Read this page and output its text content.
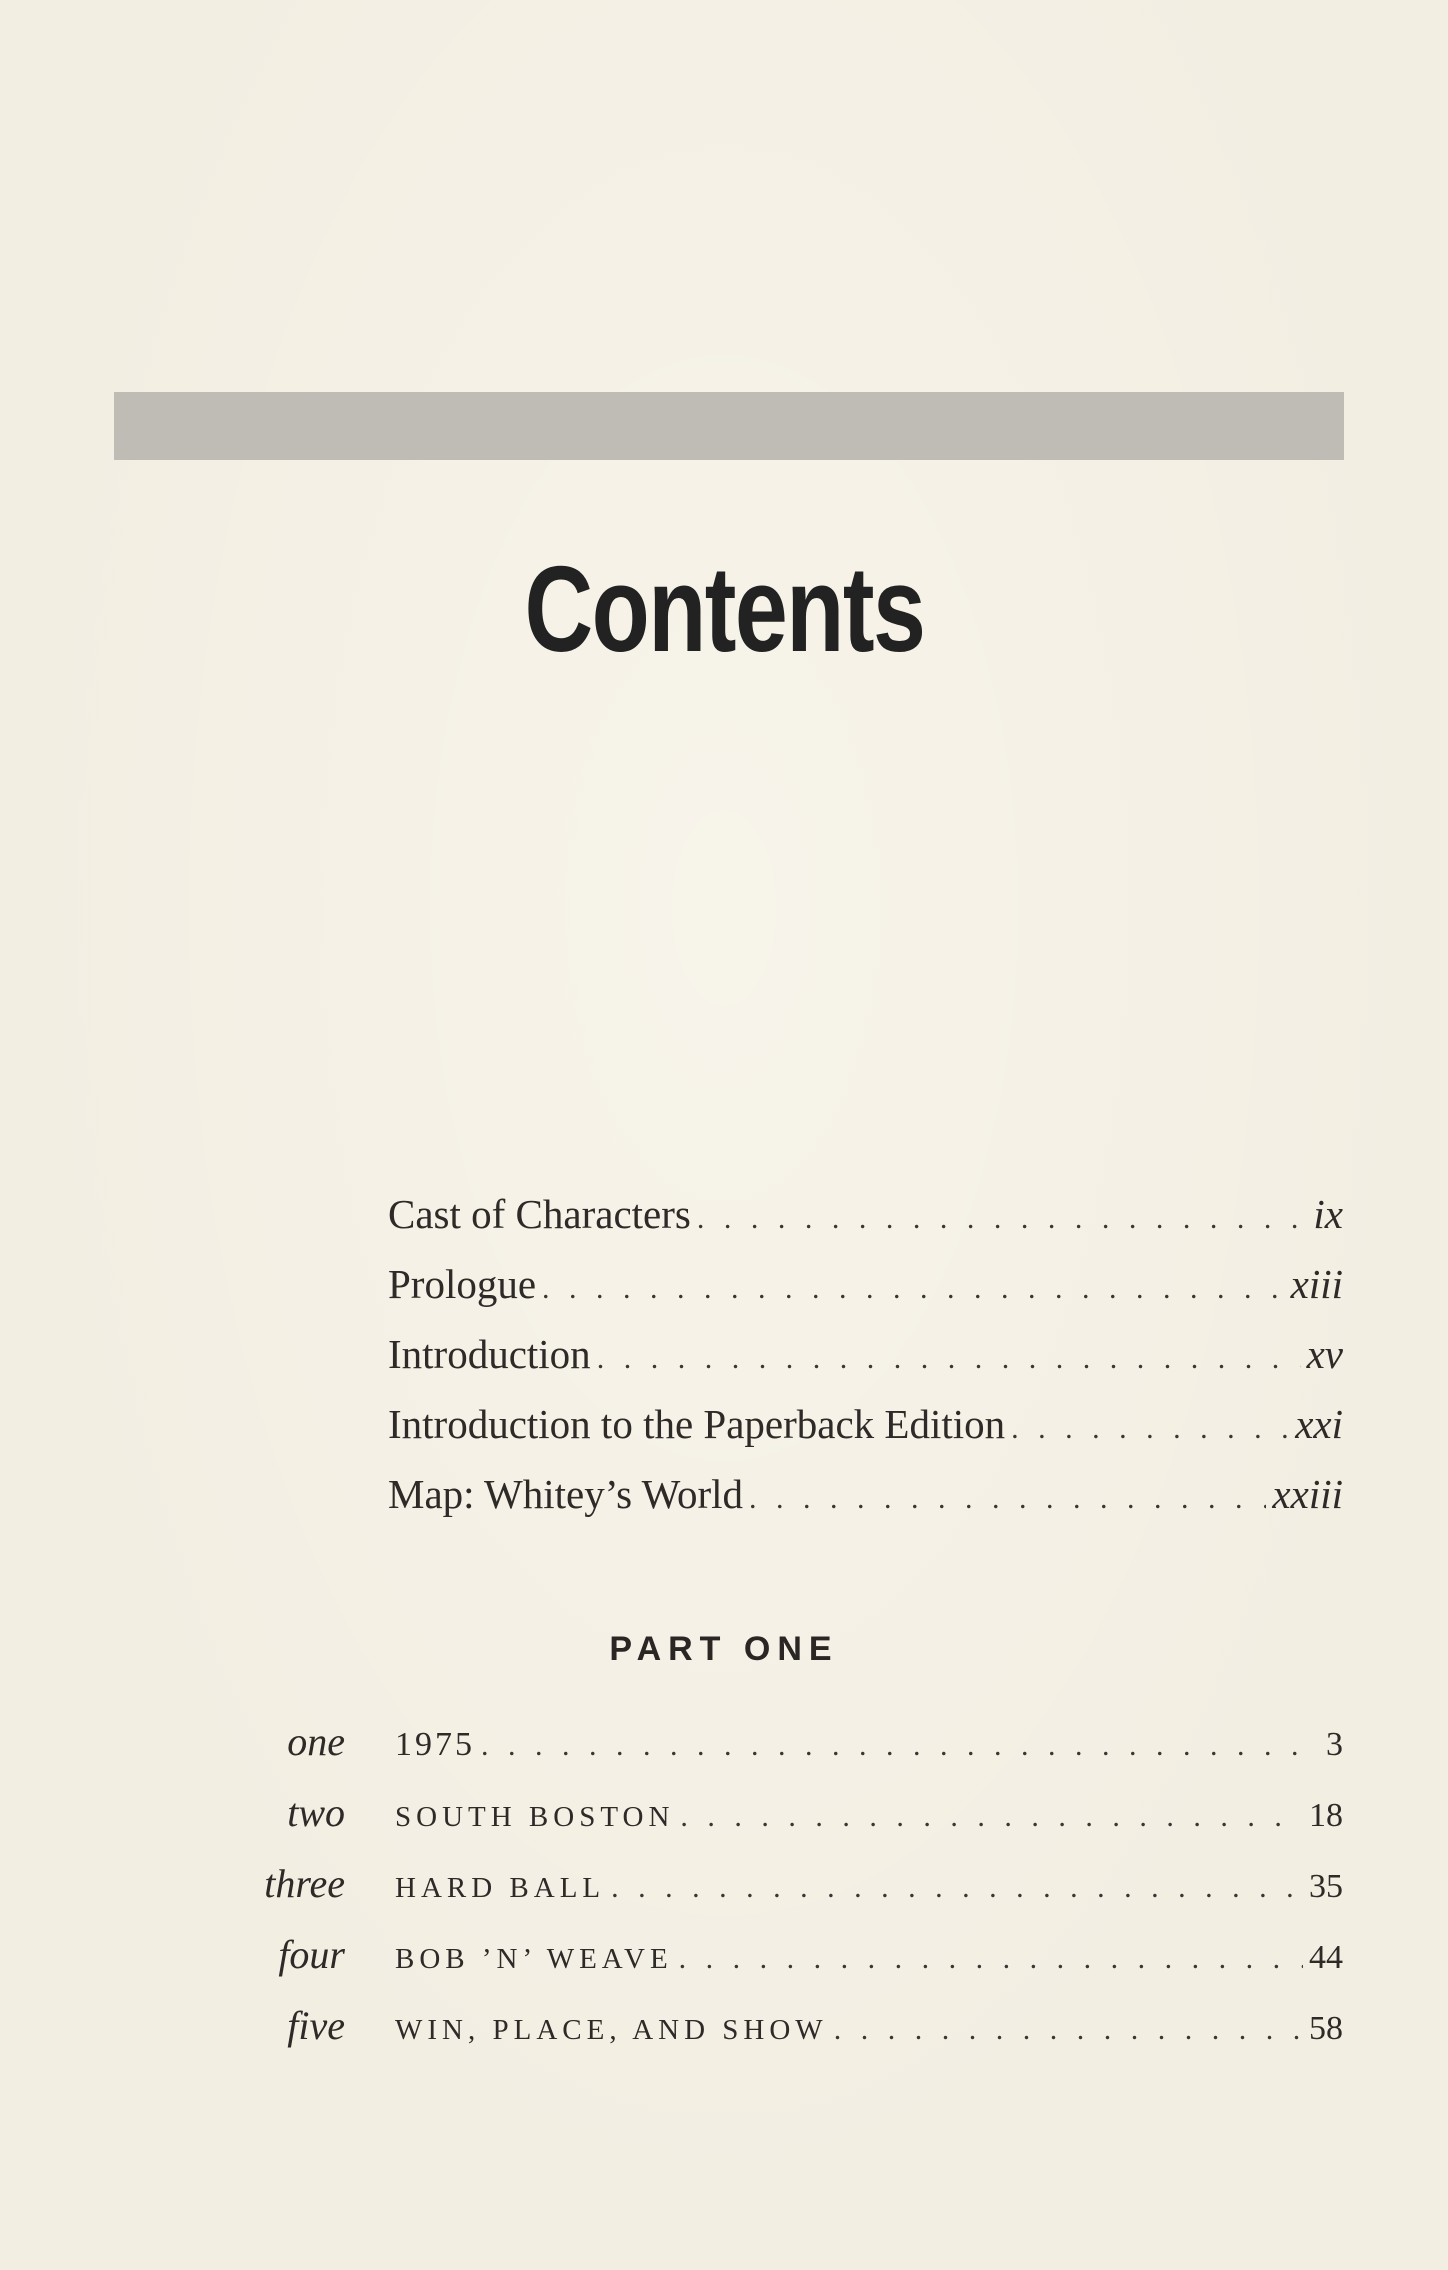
Contents
Cast of Characters . . .	ix
Prologue . . .	xiii
Introduction . . .	xv
Introduction to the Paperback Edition . . .	xxi
Map: Whitey’s World . . .	xxiii
PART ONE
one 1975 . . .	3
two SOUTH BOSTON . . .	18
three HARD BALL . . .	35
four BOB ’N’ WEAVE . . .	44
five WIN, PLACE, AND SHOW . . .	58
